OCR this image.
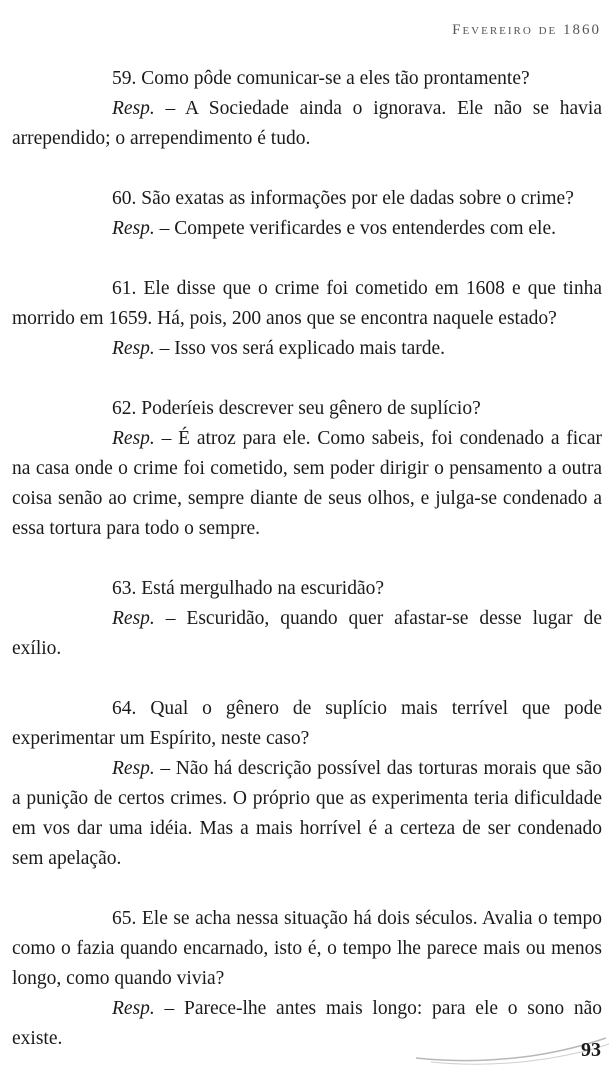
Fevereiro de 1860

59. Como pôde comunicar-se a eles tão prontamente?

Resp. – A Sociedade ainda o ignorava. Ele não se havia arrependido; o arrependimento é tudo.

60. São exatas as informações por ele dadas sobre o crime?

Resp. – Compete verificardes e vos entenderdes com ele.

61. Ele disse que o crime foi cometido em 1608 e que tinha morrido em 1659. Há, pois, 200 anos que se encontra naquele estado?

Resp. – Isso vos será explicado mais tarde.

62. Poderíeis descrever seu gênero de suplício?

Resp. – É atroz para ele. Como sabeis, foi condenado a ficar na casa onde o crime foi cometido, sem poder dirigir o pensamento a outra coisa senão ao crime, sempre diante de seus olhos, e julga-se condenado a essa tortura para todo o sempre.

63. Está mergulhado na escuridão?

Resp. – Escuridão, quando quer afastar-se desse lugar de exílio.

64. Qual o gênero de suplício mais terrível que pode experimentar um Espírito, neste caso?

Resp. – Não há descrição possível das torturas morais que são a punição de certos crimes. O próprio que as experimenta teria dificuldade em vos dar uma idéia. Mas a mais horrível é a certeza de ser condenado sem apelação.

65. Ele se acha nessa situação há dois séculos. Avalia o tempo como o fazia quando encarnado, isto é, o tempo lhe parece mais ou menos longo, como quando vivia?

Resp. – Parece-lhe antes mais longo: para ele o sono não existe.

93
